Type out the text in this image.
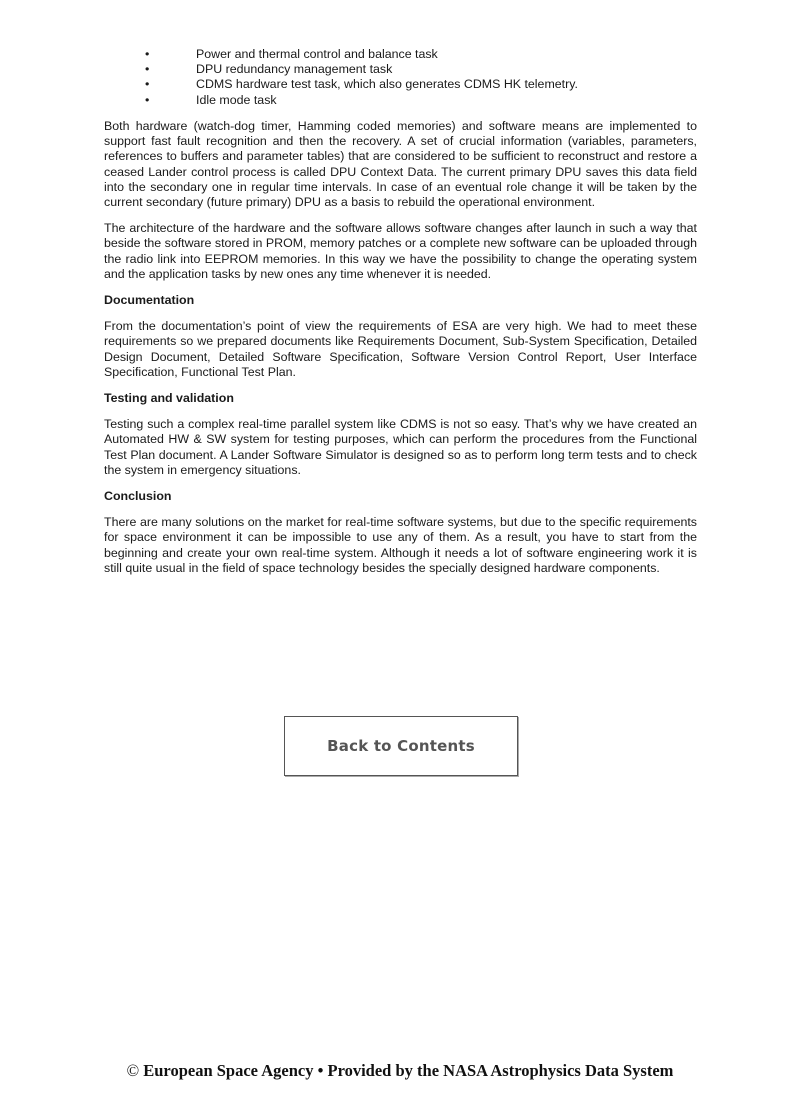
•	Power and thermal control and balance task
•	DPU redundancy management task
•	CDMS hardware test task, which also generates CDMS HK telemetry.
•	Idle mode task

Both hardware (watch-dog timer, Hamming coded memories) and software means are implemented to support fast fault recognition and then the recovery. A set of crucial information (variables, parameters, references to buffers and parameter tables) that are considered to be sufficient to reconstruct and restore a ceased Lander control process is called DPU Context Data. The current primary DPU saves this data field into the secondary one in regular time intervals. In case of an eventual role change it will be taken by the current secondary (future primary) DPU as a basis to rebuild the operational environment.

The architecture of the hardware and the software allows software changes after launch in such a way that beside the software stored in PROM, memory patches or a complete new software can be uploaded through the radio link into EEPROM memories. In this way we have the possibility to change the operating system and the application tasks by new ones any time whenever it is needed.

Documentation

From the documentation’s point of view the requirements of ESA are very high. We had to meet these requirements so we prepared documents like Requirements Document, Sub-System Specification, Detailed Design Document, Detailed Software Specification, Software Version Control Report, User Interface Specification, Functional Test Plan.

Testing and validation

Testing such a complex real-time parallel system like CDMS is not so easy. That’s why we have created an Automated HW & SW system for testing purposes, which can perform the procedures from the Functional Test Plan document. A Lander Software Simulator is designed so as to perform long term tests and to check the system in emergency situations.

Conclusion

There are many solutions on the market for real-time software systems, but due to the specific requirements for space environment it can be impossible to use any of them. As a result, you have to start from the beginning and create your own real-time system. Although it needs a lot of software engineering work it is still quite usual in the field of space technology besides the specially designed hardware components.

Back to Contents
© European Space Agency • Provided by the NASA Astrophysics Data System
